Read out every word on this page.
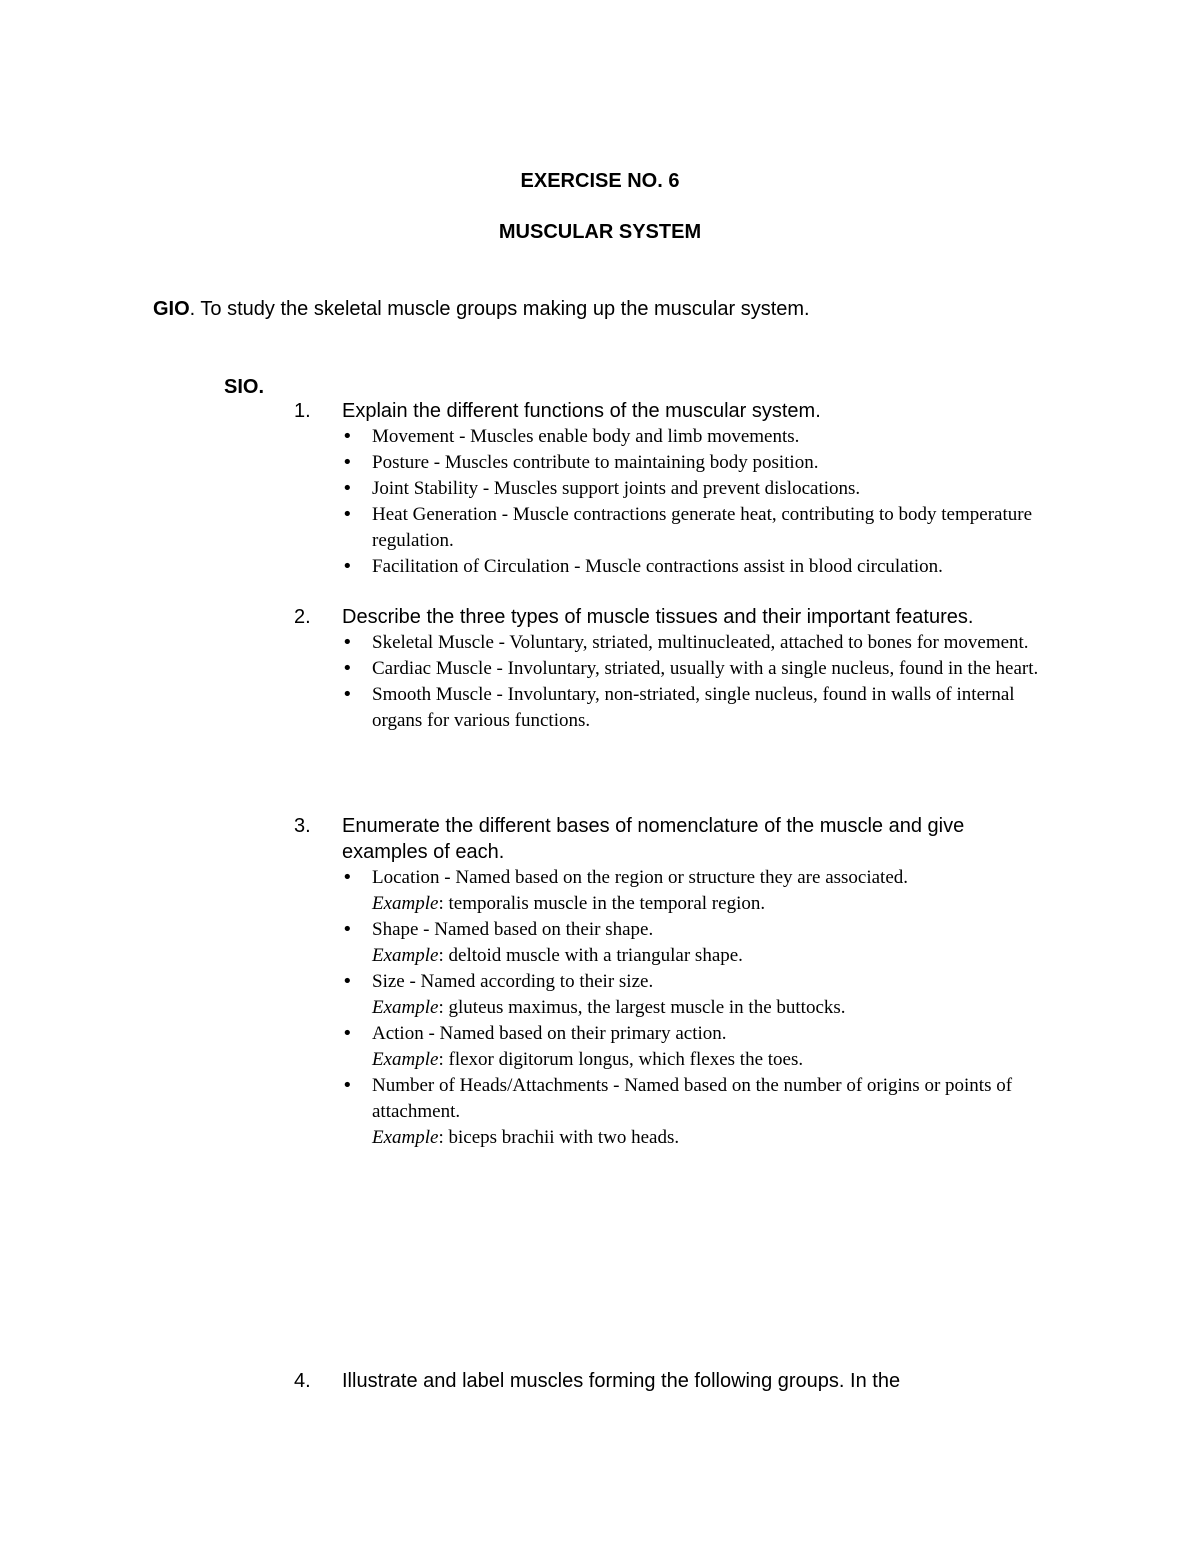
EXERCISE NO. 6
MUSCULAR SYSTEM
GIO. To study the skeletal muscle groups making up the muscular system.
SIO.
1. Explain the different functions of the muscular system.
• Movement - Muscles enable body and limb movements.
• Posture - Muscles contribute to maintaining body position.
• Joint Stability - Muscles support joints and prevent dislocations.
• Heat Generation - Muscle contractions generate heat, contributing to body temperature regulation.
• Facilitation of Circulation - Muscle contractions assist in blood circulation.
2. Describe the three types of muscle tissues and their important features.
• Skeletal Muscle - Voluntary, striated, multinucleated, attached to bones for movement.
• Cardiac Muscle - Involuntary, striated, usually with a single nucleus, found in the heart.
• Smooth Muscle - Involuntary, non-striated, single nucleus, found in walls of internal organs for various functions.
3. Enumerate the different bases of nomenclature of the muscle and give examples of each.
• Location - Named based on the region or structure they are associated.
Example: temporalis muscle in the temporal region.
• Shape - Named based on their shape.
Example: deltoid muscle with a triangular shape.
• Size - Named according to their size.
Example: gluteus maximus, the largest muscle in the buttocks.
• Action - Named based on their primary action.
Example: flexor digitorum longus, which flexes the toes.
• Number of Heads/Attachments - Named based on the number of origins or points of attachment.
Example: biceps brachii with two heads.
4. Illustrate and label muscles forming the following groups. In the
